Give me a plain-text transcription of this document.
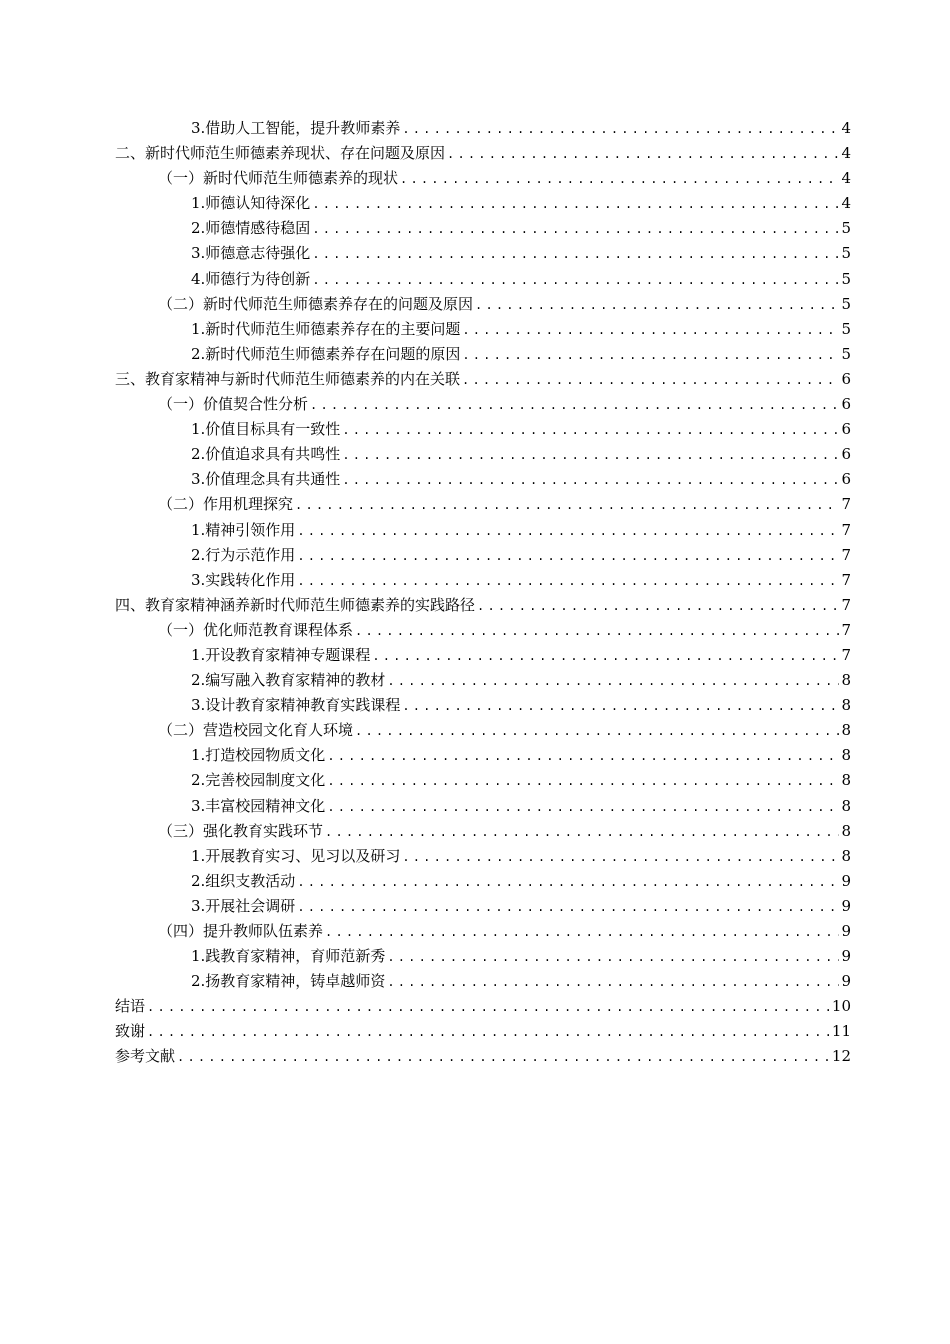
3.借助人工智能，提升教师素养 .....	4
二、新时代师范生师德素养现状、存在问题及原因 .....	4
（一）新时代师范生师德素养的现状 .....	4
1.师德认知待深化 .....	4
2.师德情感待稳固 .....	5
3.师德意志待强化 .....	5
4.师德行为待创新 .....	5
（二）新时代师范生师德素养存在的问题及原因 .....	5
1.新时代师范生师德素养存在的主要问题 .....	5
2.新时代师范生师德素养存在问题的原因 .....	5
三、教育家精神与新时代师范生师德素养的内在关联 .....	6
（一）价值契合性分析 .....	6
1.价值目标具有一致性 .....	6
2.价值追求具有共鸣性 .....	6
3.价值理念具有共通性 .....	6
（二）作用机理探究 .....	7
1.精神引领作用 .....	7
2.行为示范作用 .....	7
3.实践转化作用 .....	7
四、教育家精神涵养新时代师范生师德素养的实践路径 .....	7
（一）优化师范教育课程体系 .....	7
1.开设教育家精神专题课程 .....	7
2.编写融入教育家精神的教材 .....	8
3.设计教育家精神教育实践课程 .....	8
（二）营造校园文化育人环境 .....	8
1.打造校园物质文化 .....	8
2.完善校园制度文化 .....	8
3.丰富校园精神文化 .....	8
（三）强化教育实践环节 .....	8
1.开展教育实习、见习以及研习 .....	8
2.组织支教活动 .....	9
3.开展社会调研 .....	9
（四）提升教师队伍素养 .....	9
1.践教育家精神，育师范新秀 .....	9
2.扬教育家精神，铸卓越师资 .....	9
结语 .....	10
致谢 .....	11
参考文献 .....	12
